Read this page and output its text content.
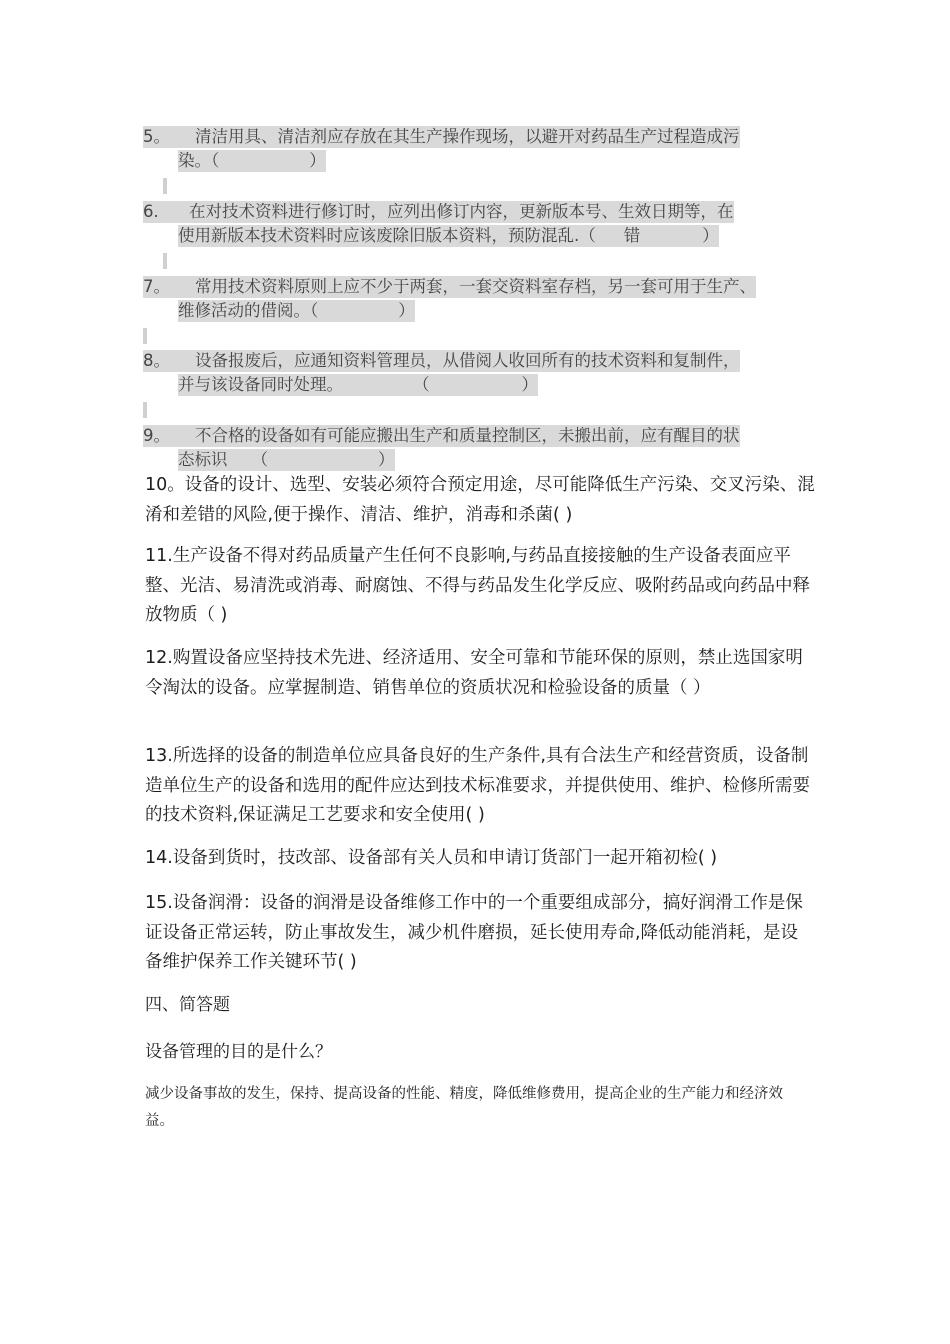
5。 清洁用具、清洁剂应存放在其生产操作现场，以避开对药品生产过程造成污
染。（	）
6. 在对技术资料进行修订时，应列出修订内容，更新版本号、生效日期等，在
使用新版本技术资料时应该废除旧版本资料，预防混乱.（ 错	）
7。 常用技术资料原则上应不少于两套，一套交资料室存档，另一套可用于生产、
维修活动的借阅。（	）
8。 设备报废后，应通知资料管理员，从借阅人收回所有的技术资料和复制件，
并与该设备同时处理。	（	）
9。 不合格的设备如有可能应搬出生产和质量控制区，未搬出前，应有醒目的状
态标识 （	）
10。设备的设计、选型、安装必须符合预定用途，尽可能降低生产污染、交叉污染、混淆和差错的风险,便于操作、清洁、维护，消毒和杀菌( )
11.生产设备不得对药品质量产生任何不良影响,与药品直接接触的生产设备表面应平整、光洁、易清洗或消毒、耐腐蚀、不得与药品发生化学反应、吸附药品或向药品中释放物质（ )
12.购置设备应坚持技术先进、经济适用、安全可靠和节能环保的原则，禁止选国家明令淘汰的设备。应掌握制造、销售单位的资质状况和检验设备的质量（ ）
13.所选择的设备的制造单位应具备良好的生产条件,具有合法生产和经营资质，设备制造单位生产的设备和选用的配件应达到技术标准要求，并提供使用、维护、检修所需要的技术资料,保证满足工艺要求和安全使用( )
14.设备到货时，技改部、设备部有关人员和申请订货部门一起开箱初检( )
15.设备润滑：设备的润滑是设备维修工作中的一个重要组成部分，搞好润滑工作是保证设备正常运转，防止事故发生，减少机件磨损，延长使用寿命,降低动能消耗，是设备维护保养工作关键环节( )
四、简答题
设备管理的目的是什么？
减少设备事故的发生，保持、提高设备的性能、精度，降低维修费用，提高企业的生产能力和经济效益。
